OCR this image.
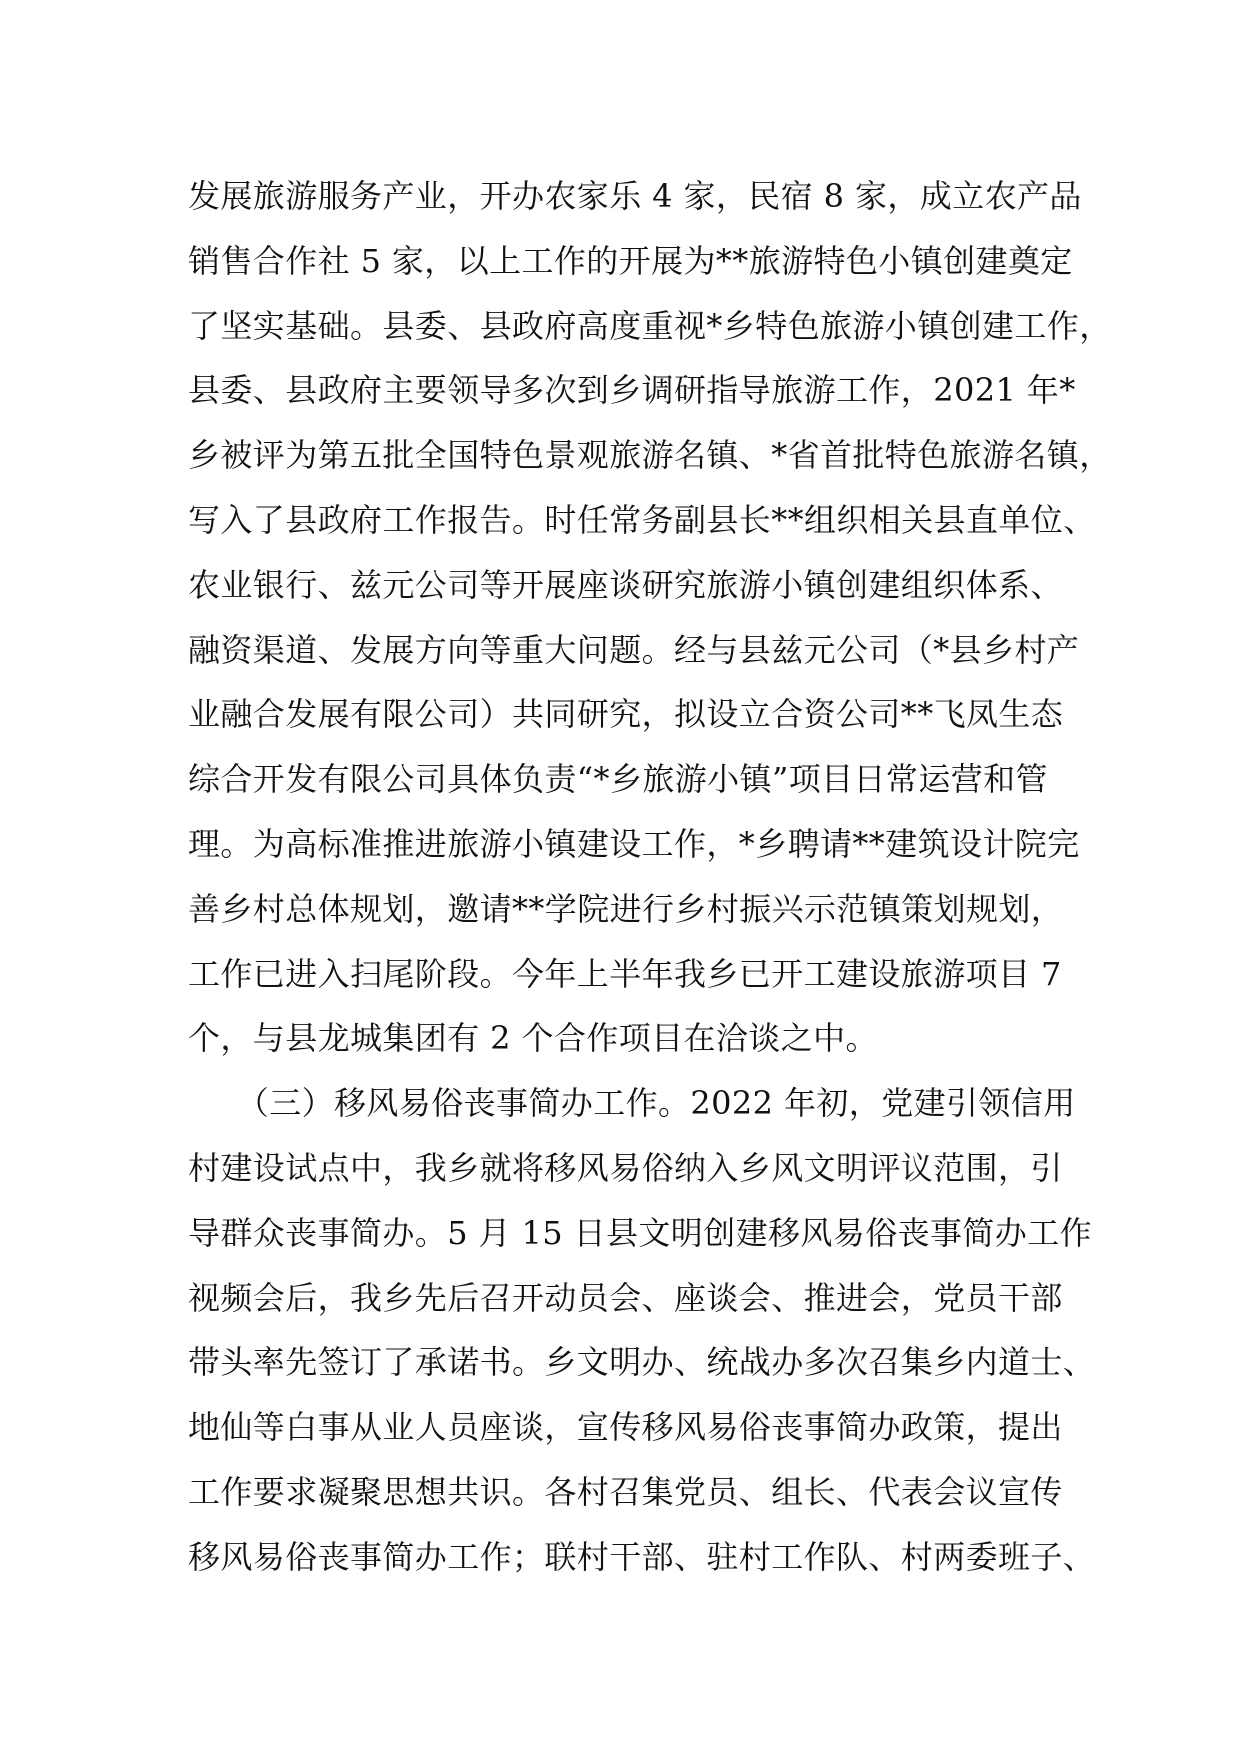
发展旅游服务产业，开办农家乐 4 家，民宿 8 家，成立农产品
销售合作社 5 家，以上工作的开展为**旅游特色小镇创建奠定
了坚实基础。县委、县政府高度重视*乡特色旅游小镇创建工作，
县委、县政府主要领导多次到乡调研指导旅游工作，2021 年*
乡被评为第五批全国特色景观旅游名镇、*省首批特色旅游名镇，
写入了县政府工作报告。时任常务副县长**组织相关县直单位、
农业银行、兹元公司等开展座谈研究旅游小镇创建组织体系、
融资渠道、发展方向等重大问题。经与县兹元公司（*县乡村产
业融合发展有限公司）共同研究，拟设立合资公司**飞凤生态
综合开发有限公司具体负责“*乡旅游小镇”项目日常运营和管
理。为高标准推进旅游小镇建设工作，*乡聘请**建筑设计院完
善乡村总体规划，邀请**学院进行乡村振兴示范镇策划规划，
工作已进入扫尾阶段。今年上半年我乡已开工建设旅游项目 7
个，与县龙城集团有 2 个合作项目在洽谈之中。
　　（三）移风易俗丧事简办工作。2022 年初，党建引领信用
村建设试点中，我乡就将移风易俗纳入乡风文明评议范围，引
导群众丧事简办。5 月 15 日县文明创建移风易俗丧事简办工作
视频会后，我乡先后召开动员会、座谈会、推进会，党员干部
带头率先签订了承诺书。乡文明办、统战办多次召集乡内道士、
地仙等白事从业人员座谈，宣传移风易俗丧事简办政策，提出
工作要求凝聚思想共识。各村召集党员、组长、代表会议宣传
移风易俗丧事简办工作；联村干部、驻村工作队、村两委班子、
